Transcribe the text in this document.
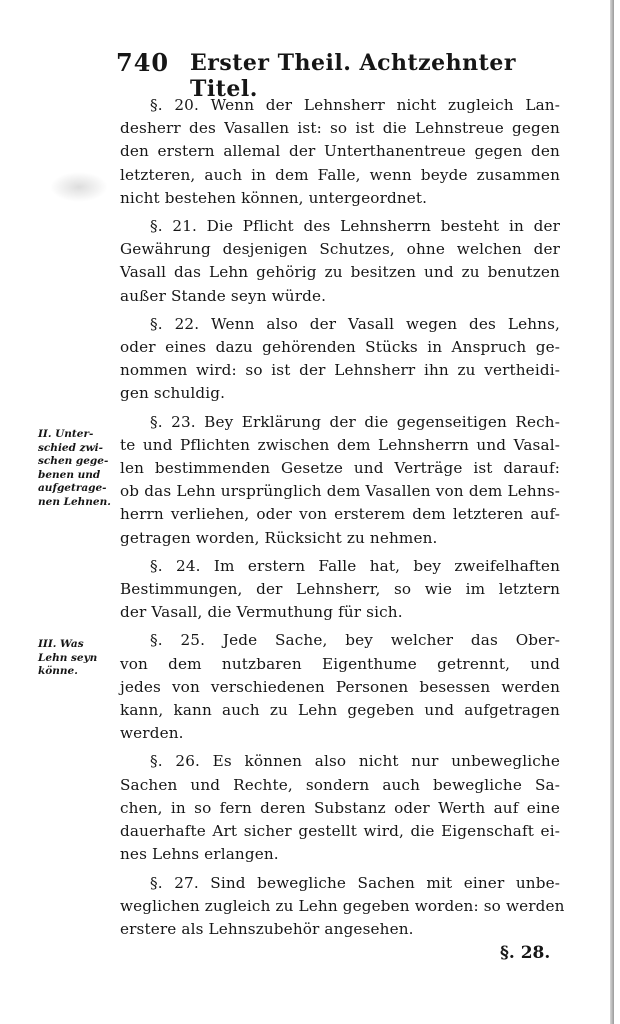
740 Erster Theil. Achtzehnter Titel.
§. 20. Wenn der Lehnsherr nicht zugleich Lan-
desherr des Vasallen ist: so ist die Lehnstreue gegen
den erstern allemal der Unterthanentreue gegen den
letzteren, auch in dem Falle, wenn beyde zusammen
nicht bestehen können, untergeordnet.
§. 21. Die Pflicht des Lehnsherrn besteht in der
Gewährung desjenigen Schutzes, ohne welchen der
Vasall das Lehn gehörig zu besitzen und zu benutzen
außer Stande seyn würde.
§. 22. Wenn also der Vasall wegen des Lehns,
oder eines dazu gehörenden Stücks in Anspruch ge-
nommen wird: so ist der Lehnsherr ihn zu vertheidi-
gen schuldig.
§. 23. Bey Erklärung der die gegenseitigen Rech-
te und Pflichten zwischen dem Lehnsherrn und Vasal-
len bestimmenden Gesetze und Verträge ist darauf:
ob das Lehn ursprünglich dem Vasallen von dem Lehns-
herrn verliehen, oder von ersterem dem letzteren auf-
getragen worden, Rücksicht zu nehmen.
§. 24. Im erstern Falle hat, bey zweifelhaften
Bestimmungen, der Lehnsherr, so wie im letztern
der Vasall, die Vermuthung für sich.
§. 25. Jede Sache, bey welcher das Ober-
von dem nutzbaren Eigenthume getrennt, und
jedes von verschiedenen Personen besessen werden
kann, kann auch zu Lehn gegeben und aufgetragen
werden.
§. 26. Es können also nicht nur unbewegliche
Sachen und Rechte, sondern auch bewegliche Sa-
chen, in so fern deren Substanz oder Werth auf eine
dauerhafte Art sicher gestellt wird, die Eigenschaft ei-
nes Lehns erlangen.
§. 27. Sind bewegliche Sachen mit einer unbe-
weglichen zugleich zu Lehn gegeben worden: so werden
erstere als Lehnszubehör angesehen.
II. Unter-
schied zwi-
schen gege-
benen und
aufgetrage-
nen Lehnen.
III. Was
Lehn seyn
könne.
§. 28.
